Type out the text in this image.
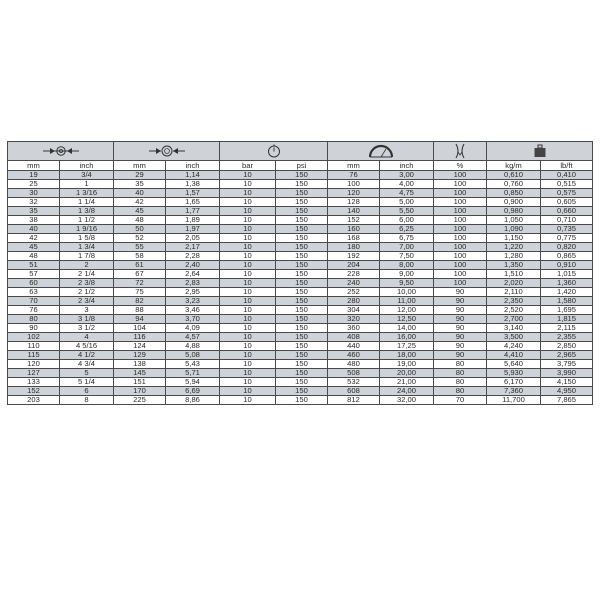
mm	inch	mm	inch	bar	psi	mm	inch	%	kg/m	lb/ft
19	3/4	29	1,14	10	150	76	3,00	100	0,610	0,410
25	1	35	1,38	10	150	100	4,00	100	0,760	0,515
30	1 3/16	40	1,57	10	150	120	4,75	100	0,850	0,575
32	1 1/4	42	1,65	10	150	128	5,00	100	0,900	0,605
35	1 3/8	45	1,77	10	150	140	5,50	100	0,980	0,660
38	1 1/2	48	1,89	10	150	152	6,00	100	1,050	0,710
40	1 9/16	50	1,97	10	150	160	6,25	100	1,090	0,735
42	1 5/8	52	2,05	10	150	168	6,75	100	1,150	0,775
45	1 3/4	55	2,17	10	150	180	7,00	100	1,220	0,820
48	1 7/8	58	2,28	10	150	192	7,50	100	1,280	0,865
51	2	61	2,40	10	150	204	8,00	100	1,350	0,910
57	2 1/4	67	2,64	10	150	228	9,00	100	1,510	1,015
60	2 3/8	72	2,83	10	150	240	9,50	100	2,020	1,360
63	2 1/2	75	2,95	10	150	252	10,00	90	2,110	1,420
70	2 3/4	82	3,23	10	150	280	11,00	90	2,350	1,580
76	3	88	3,46	10	150	304	12,00	90	2,520	1,695
80	3 1/8	94	3,70	10	150	320	12,50	90	2,700	1,815
90	3 1/2	104	4,09	10	150	360	14,00	90	3,140	2,115
102	4	116	4,57	10	150	408	16,00	90	3,500	2,355
110	4 5/16	124	4,88	10	150	440	17,25	90	4,240	2,850
115	4 1/2	129	5,08	10	150	460	18,00	90	4,410	2,965
120	4 3/4	138	5,43	10	150	480	19,00	80	5,640	3,795
127	5	145	5,71	10	150	508	20,00	80	5,930	3,990
133	5 1/4	151	5,94	10	150	532	21,00	80	6,170	4,150
152	6	170	6,69	10	150	608	24,00	80	7,360	4,950
203	8	225	8,86	10	150	812	32,00	70	11,700	7,865
